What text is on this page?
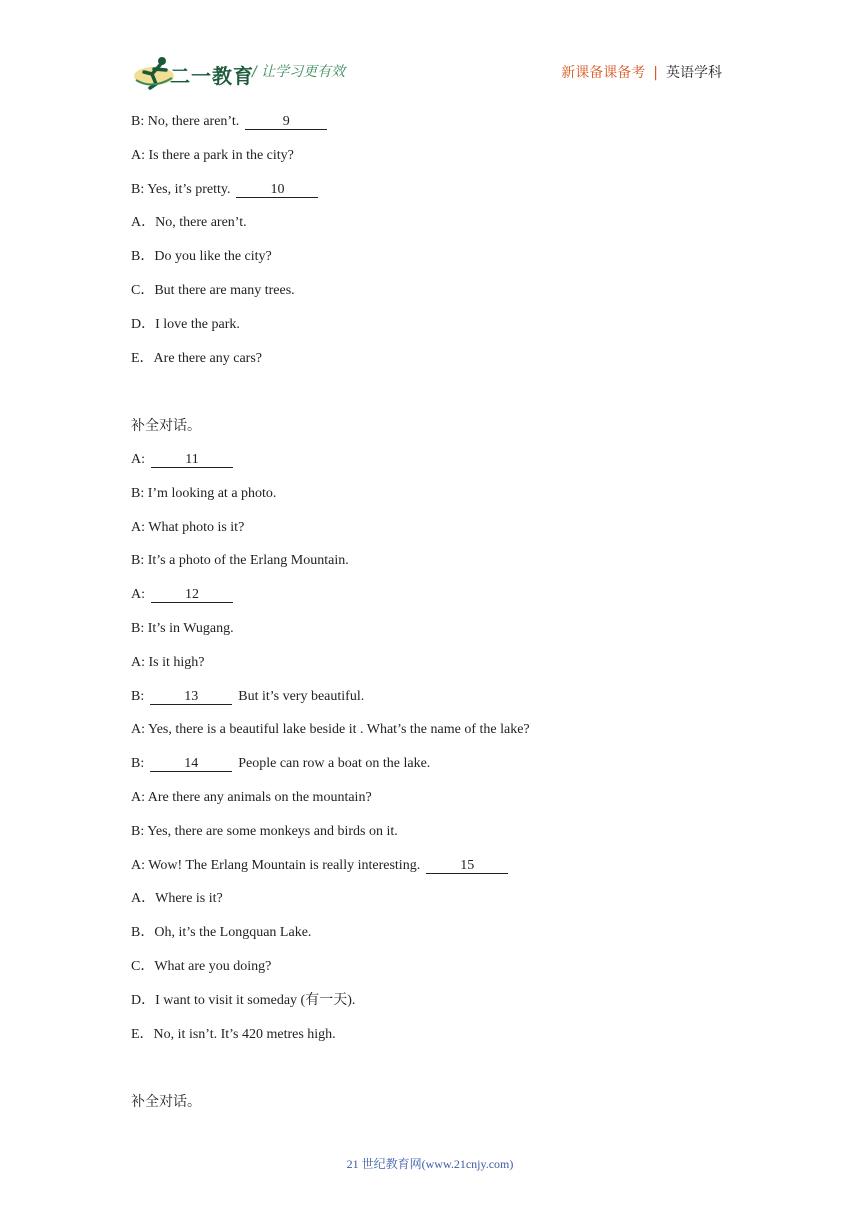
二一教育
/ 让学习更有效	新课备课备考 | 英语学科
B: No, there aren’t.	9
A: Is there a park in the city?
B: Yes, it’s pretty.	10
A．No, there aren’t.
B．Do you like the city?
C．But there are many trees.
D．I love the park.
E．Are there any cars?
补全对话。
A:	11
B: I’m looking at a photo.
A: What photo is it?
B: It’s a photo of the Erlang Mountain.
A:	12
B: It’s in Wugang.
A: Is it high?
B:	13	But it’s very beautiful.
A: Yes, there is a beautiful lake beside it . What’s the name of the lake?
B:	14	People can row a boat on the lake.
A: Are there any animals on the mountain?
B: Yes, there are some monkeys and birds on it.
A: Wow! The Erlang Mountain is really interesting.	15
A．Where is it?
B．Oh, it’s the Longquan Lake.
C．What are you doing?
D．I want to visit it someday (有一天).
E．No, it isn’t. It’s 420 metres high.
补全对话。
21 世纪教育网(www.21cnjy.com)
